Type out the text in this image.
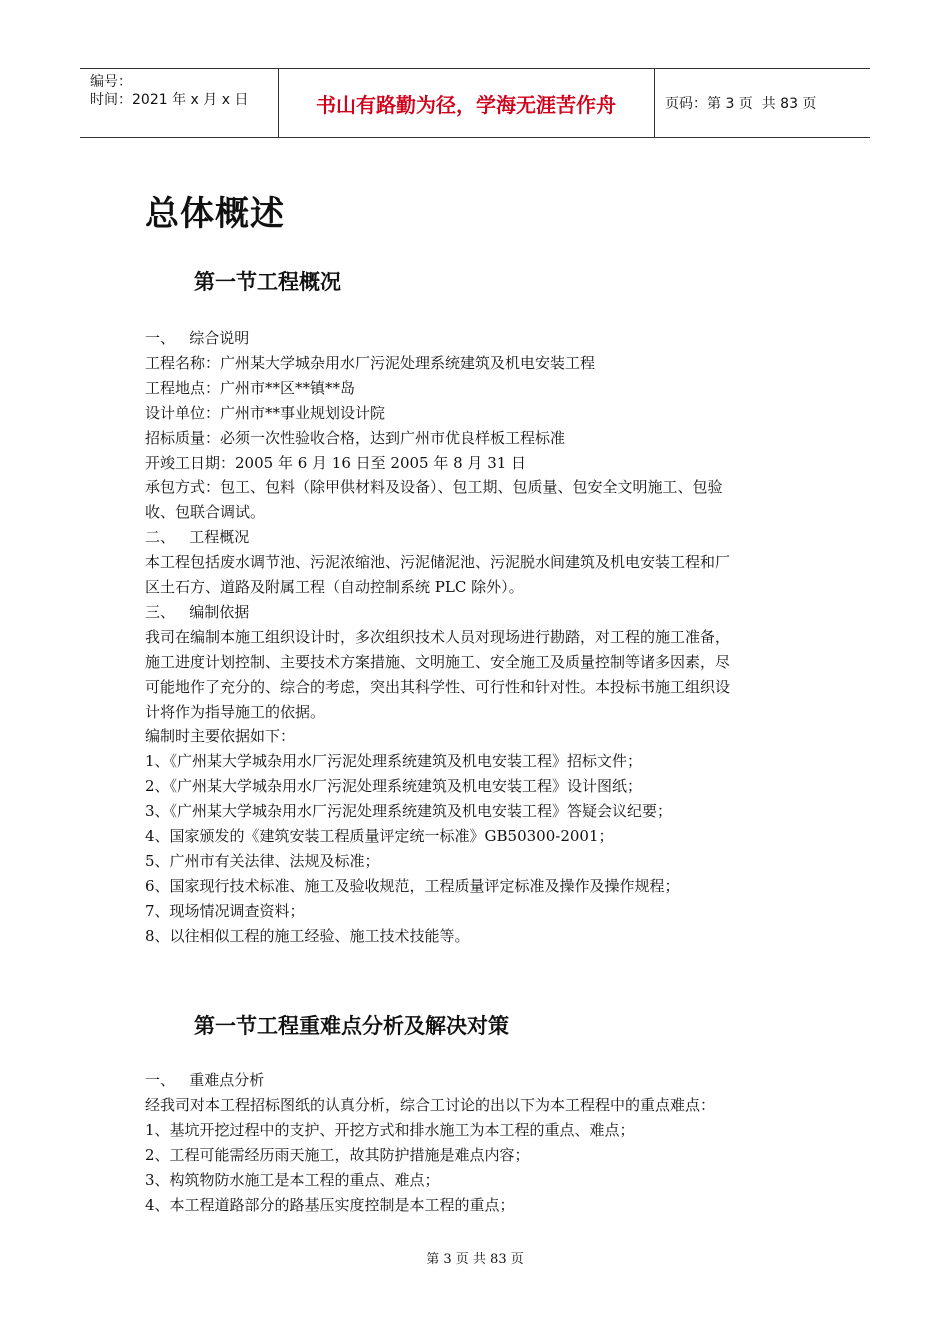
编号：
时间：2021 年 x 月 x 日	书山有路勤为径，学海无涯苦作舟	页码：第 3 页  共 83 页
总体概述
第一节工程概况
一、   综合说明
工程名称：广州某大学城杂用水厂污泥处理系统建筑及机电安装工程
工程地点：广州市**区**镇**岛
设计单位：广州市**事业规划设计院
招标质量：必须一次性验收合格，达到广州市优良样板工程标准
开竣工日期：2005 年 6 月 16 日至 2005 年 8 月 31 日
承包方式：包工、包料（除甲供材料及设备）、包工期、包质量、包安全文明施工、包验
收、包联合调试。
二、   工程概况
本工程包括废水调节池、污泥浓缩池、污泥储泥池、污泥脱水间建筑及机电安装工程和厂
区土石方、道路及附属工程（自动控制系统 PLC 除外）。
三、   编制依据
我司在编制本施工组织设计时，多次组织技术人员对现场进行勘踏，对工程的施工准备，
施工进度计划控制、主要技术方案措施、文明施工、安全施工及质量控制等诸多因素，尽
可能地作了充分的、综合的考虑，突出其科学性、可行性和针对性。本投标书施工组织设
计将作为指导施工的依据。
编制时主要依据如下：
1、《广州某大学城杂用水厂污泥处理系统建筑及机电安装工程》招标文件；
2、《广州某大学城杂用水厂污泥处理系统建筑及机电安装工程》设计图纸；
3、《广州某大学城杂用水厂污泥处理系统建筑及机电安装工程》答疑会议纪要；
4、国家颁发的《建筑安装工程质量评定统一标准》GB50300-2001；
5、广州市有关法律、法规及标准；
6、国家现行技术标准、施工及验收规范，工程质量评定标准及操作及操作规程；
7、现场情况调查资料；
8、以往相似工程的施工经验、施工技术技能等。
第一节工程重难点分析及解决对策
一、   重难点分析
经我司对本工程招标图纸的认真分析，综合工讨论的出以下为本工程程中的重点难点：
1、基坑开挖过程中的支护、开挖方式和排水施工为本工程的重点、难点；
2、工程可能需经历雨天施工，故其防护措施是难点内容；
3、构筑物防水施工是本工程的重点、难点；
4、本工程道路部分的路基压实度控制是本工程的重点；
第 3 页 共 83 页
